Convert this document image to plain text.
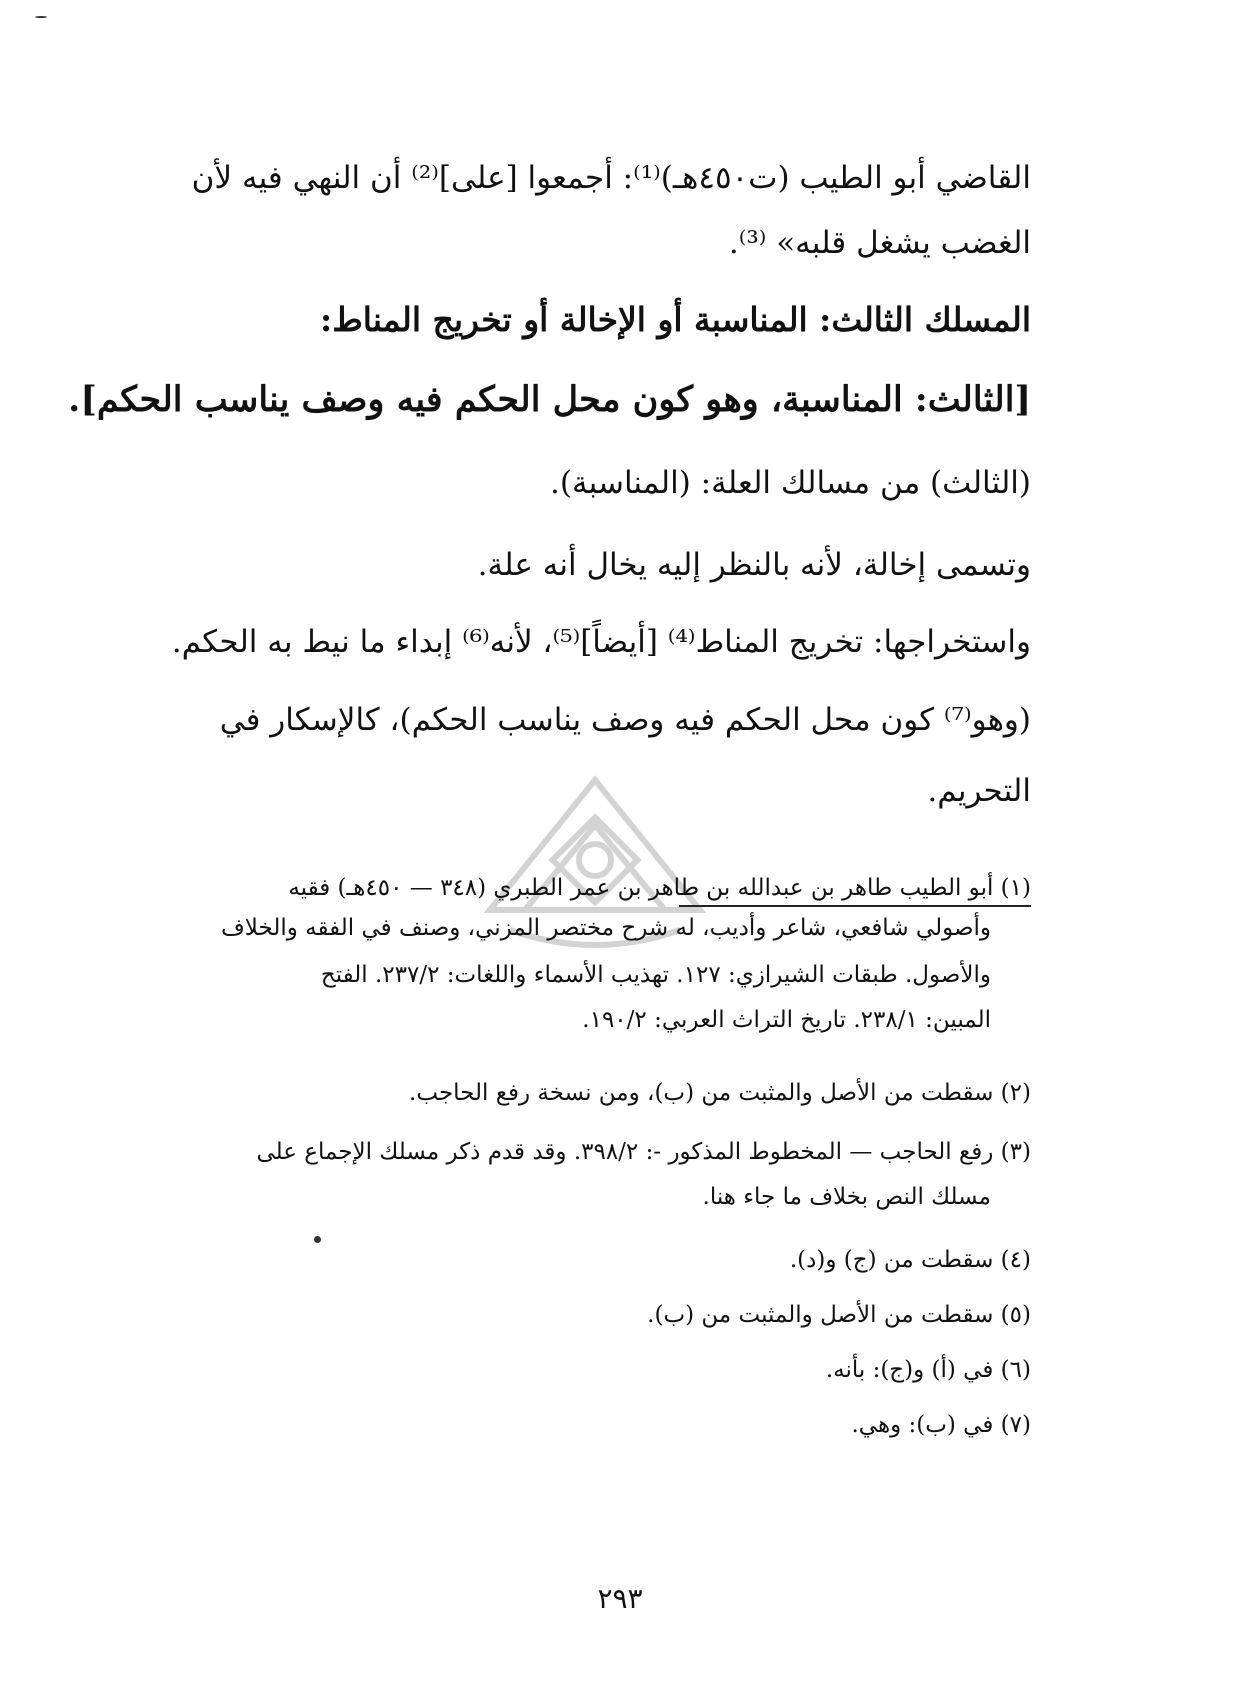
القاضي أبو الطيب (ت٤٥٠هـ)⁽¹⁾: أجمعوا [على]⁽²⁾ أن النهي فيه لأن
الغضب يشغل قلبه» ⁽³⁾.
المسلك الثالث: المناسبة أو الإخالة أو تخريج المناط:
[الثالث: المناسبة، وهو كون محل الحكم فيه وصف يناسب الحكم].
(الثالث) من مسالك العلة: (المناسبة).
وتسمى إخالة، لأنه بالنظر إليه يخال أنه علة.
واستخراجها: تخريج المناط⁽⁴⁾ [أيضاً]⁽⁵⁾، لأنه⁽⁶⁾ إبداء ما نيط به الحكم.
(وهو⁽⁷⁾ كون محل الحكم فيه وصف يناسب الحكم)، كالإسكار في
التحريم.
(١) أبو الطيب طاهر بن عبدالله بن طاهر بن عمر الطبري (٣٤٨ — ٤٥٠هـ) فقيه
وأصولي شافعي، شاعر وأديب، له شرح مختصر المزني، وصنف في الفقه والخلاف
والأصول. طبقات الشيرازي: ١٢٧. تهذيب الأسماء واللغات: ٢٣٧/٢. الفتح
المبين: ٢٣٨/١. تاريخ التراث العربي: ١٩٠/٢.
(٢) سقطت من الأصل والمثبت من (ب)، ومن نسخة رفع الحاجب.
(٣) رفع الحاجب — المخطوط المذكور -: ٣٩٨/٢. وقد قدم ذكر مسلك الإجماع على
مسلك النص بخلاف ما جاء هنا.
(٤) سقطت من (ج) و(د).
(٥) سقطت من الأصل والمثبت من (ب).
(٦) في (أ) و(ج): بأنه.
(٧) في (ب): وهي.
٢٩٣
